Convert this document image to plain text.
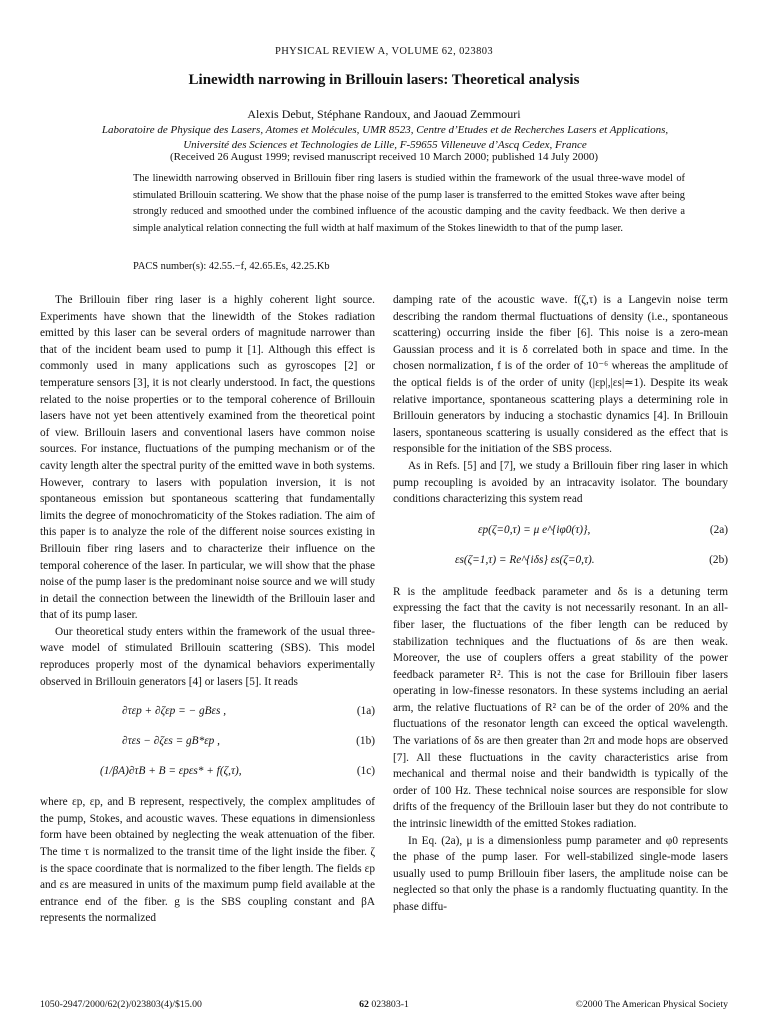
PHYSICAL REVIEW A, VOLUME 62, 023803
Linewidth narrowing in Brillouin lasers: Theoretical analysis
Alexis Debut, Stéphane Randoux, and Jaouad Zemmouri
Laboratoire de Physique des Lasers, Atomes et Molécules, UMR 8523, Centre d’Etudes et de Recherches Lasers et Applications,
Université des Sciences et Technologies de Lille, F-59655 Villeneuve d’Ascq Cedex, France
(Received 26 August 1999; revised manuscript received 10 March 2000; published 14 July 2000)
The linewidth narrowing observed in Brillouin fiber ring lasers is studied within the framework of the usual three-wave model of stimulated Brillouin scattering. We show that the phase noise of the pump laser is transferred to the emitted Stokes wave after being strongly reduced and smoothed under the combined influence of the acoustic damping and the cavity feedback. We then derive a simple analytical relation connecting the full width at half maximum of the Stokes linewidth to that of the pump laser.
PACS number(s): 42.55.−f, 42.65.Es, 42.25.Kb

The Brillouin fiber ring laser is a highly coherent light source. Experiments have shown that the linewidth of the Stokes radiation emitted by this laser can be several orders of magnitude narrower than that of the incident beam used to pump it [1]. Although this effect is commonly used in many applications such as gyroscopes [2] or temperature sensors [3], it is not clearly understood. In fact, the questions related to the noise properties or to the temporal coherence of Brillouin lasers have not yet been attentively examined from the theoretical point of view. Brillouin lasers and conventional lasers have common noise sources. For instance, fluctuations of the pumping mechanism or of the cavity length alter the spectral purity of the emitted wave in both systems. However, contrary to lasers with population inversion, it is not spontaneous emission but spontaneous scattering that fundamentally limits the degree of monochromaticity of the Stokes radiation. The aim of this paper is to analyze the role of the different noise sources existing in Brillouin fiber ring lasers and to characterize their influence on the temporal coherence of the laser. In particular, we will show that the phase noise of the pump laser is the predominant noise source and we will study in detail the connection between the linewidth of the Brillouin laser and that of its pump laser.

Our theoretical study enters within the framework of the usual three-wave model of stimulated Brillouin scattering (SBS). This model reproduces properly most of the dynamical behaviors experimentally observed in Brillouin generators [4] or lasers [5]. It reads

∂τεp + ∂ζεp = − gBεs ,	(1a)
∂τεs − ∂ζεs = gB*εp ,	(1b)
(1/βA)∂τB + B = εpεs* + f(ζ,τ),	(1c)

where εp, εp, and B represent, respectively, the complex amplitudes of the pump, Stokes, and acoustic waves. These equations in dimensionless form have been obtained by neglecting the weak attenuation of the fiber. The time τ is normalized to the transit time of the light inside the fiber. ζ is the space coordinate that is normalized to the fiber length. The fields εp and εs are measured in units of the maximum pump field available at the entrance end of the fiber. g is the SBS coupling constant and βA represents the normalized

damping rate of the acoustic wave. f(ζ,τ) is a Langevin noise term describing the random thermal fluctuations of density (i.e., spontaneous scattering) occurring inside the fiber [6]. This noise is a zero-mean Gaussian process and it is δ correlated both in space and time. In the chosen normalization, f is of the order of 10⁻⁶ whereas the amplitude of the optical fields is of the order of unity (|εp|,|εs|≃1). Despite its weak relative importance, spontaneous scattering plays a determining role in Brillouin generators by inducing a stochastic dynamics [4]. In Brillouin lasers, spontaneous scattering is usually considered as the effect that is responsible for the initiation of the SBS process.

As in Refs. [5] and [7], we study a Brillouin fiber ring laser in which pump recoupling is avoided by an intracavity isolator. The boundary conditions characterizing this system read

εp(ζ=0,τ) = μ e^{iφ0(τ)},	(2a)
εs(ζ=1,τ) = Re^{iδs} εs(ζ=0,τ).	(2b)

R is the amplitude feedback parameter and δs is a detuning term expressing the fact that the cavity is not necessarily resonant. In an all-fiber laser, the fluctuations of the fiber length can be reduced by stabilization techniques and the fluctuations of δs are then weak. Moreover, the use of couplers offers a great stability of the power feedback parameter R². This is not the case for Brillouin fiber lasers operating in low-finesse resonators. In these systems including an aerial arm, the relative fluctuations of R² can be of the order of 20% and the fluctuations of the resonator length can exceed the optical wavelength. The variations of δs are then greater than 2π and mode hops are observed [7]. All these fluctuations in the cavity characteristics arise from mechanical and thermal noise and their bandwidth is typically of the order of 100 Hz. These technical noise sources are responsible for slow drifts of the frequency of the Brillouin laser but they do not contribute to the intrinsic linewidth of the emitted Stokes radiation.

In Eq. (2a), μ is a dimensionless pump parameter and φ0 represents the phase of the pump laser. For well-stabilized single-mode lasers usually used to pump Brillouin fiber lasers, the amplitude noise can be neglected so that only the phase is a randomly fluctuating quantity. In the phase diffu-

1050-2947/2000/62(2)/023803(4)/$15.00	62 023803-1	©2000 The American Physical Society
